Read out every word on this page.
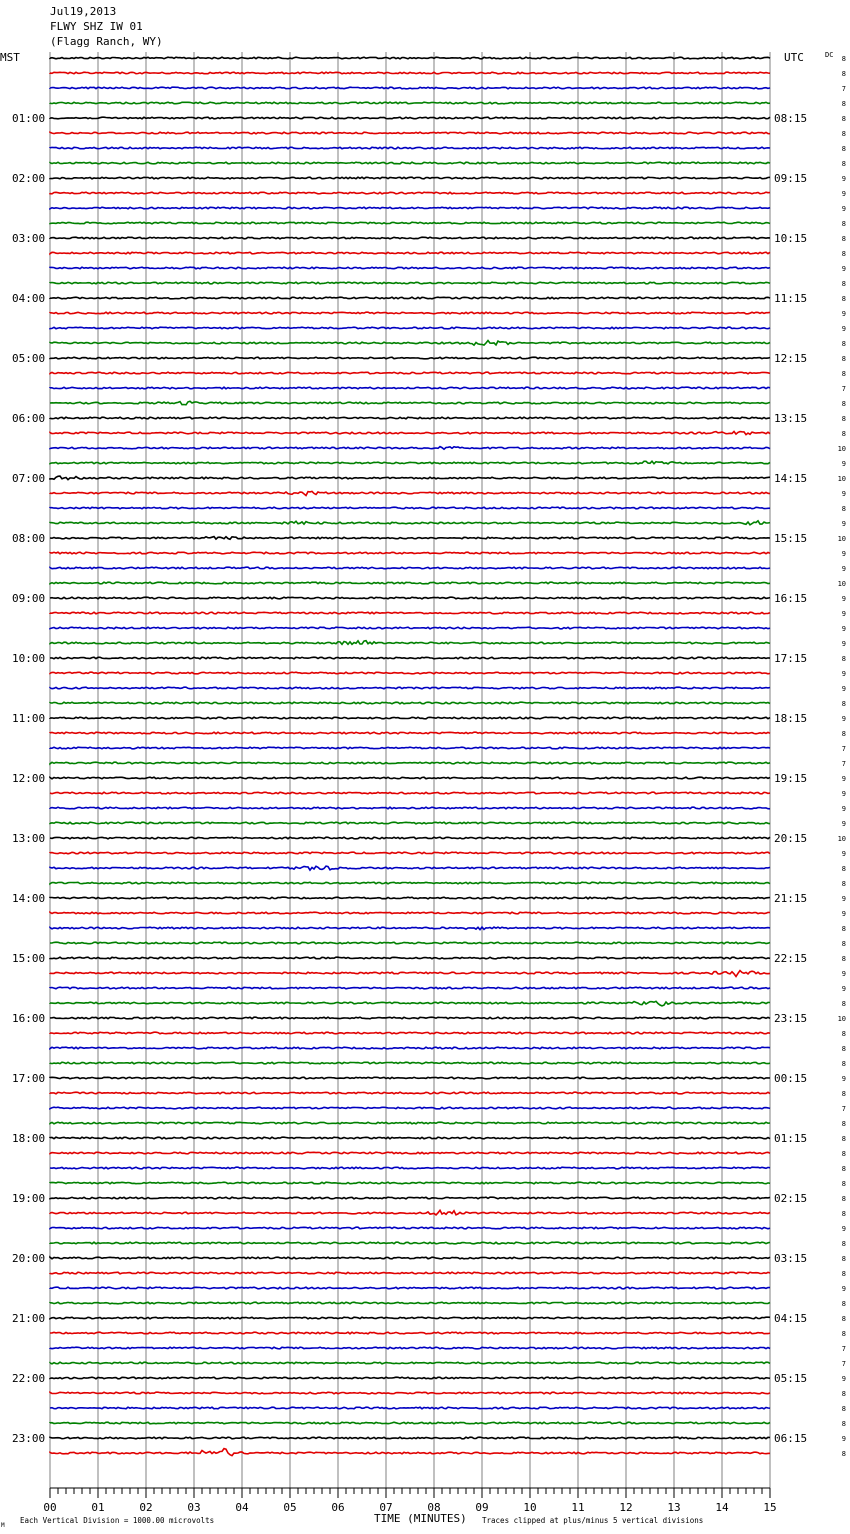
01:00
02:00
03:00
04:00
05:00
06:00
07:00
08:00
09:00
10:00
11:00
12:00
13:00
14:00
15:00
16:00
17:00
18:00
19:00
20:00
21:00
22:00
23:00
08:15
09:15
10:15
11:15
12:15
13:15
14:15
15:15
16:15
17:15
18:15
19:15
20:15
21:15
22:15
23:15
00:15
01:15
02:15
03:15
04:15
05:15
06:15
8
8
7
8
8
8
8
8
9
9
9
8
8
8
9
8
8
9
9
8
8
8
7
8
8
8
10
9
10
9
8
9
10
9
9
10
9
9
9
9
8
9
9
8
9
8
7
7
9
9
9
9
10
9
8
8
9
9
8
8
8
9
9
8
10
8
8
8
9
8
7
8
8
8
8
8
8
8
9
8
8
8
9
8
8
8
7
7
9
8
8
8
9
8
00	01	02	03	04	05	06	07	08	09	10	11	12	13	14	15
MST	UTC	DC
TIME (MINUTES)
Each Vertical Division = 1000.00 microvolts	Traces clipped at plus/minus 5 vertical divisions
M
Jul19,2013
FLWY SHZ IW 01
(Flagg Ranch, WY)
